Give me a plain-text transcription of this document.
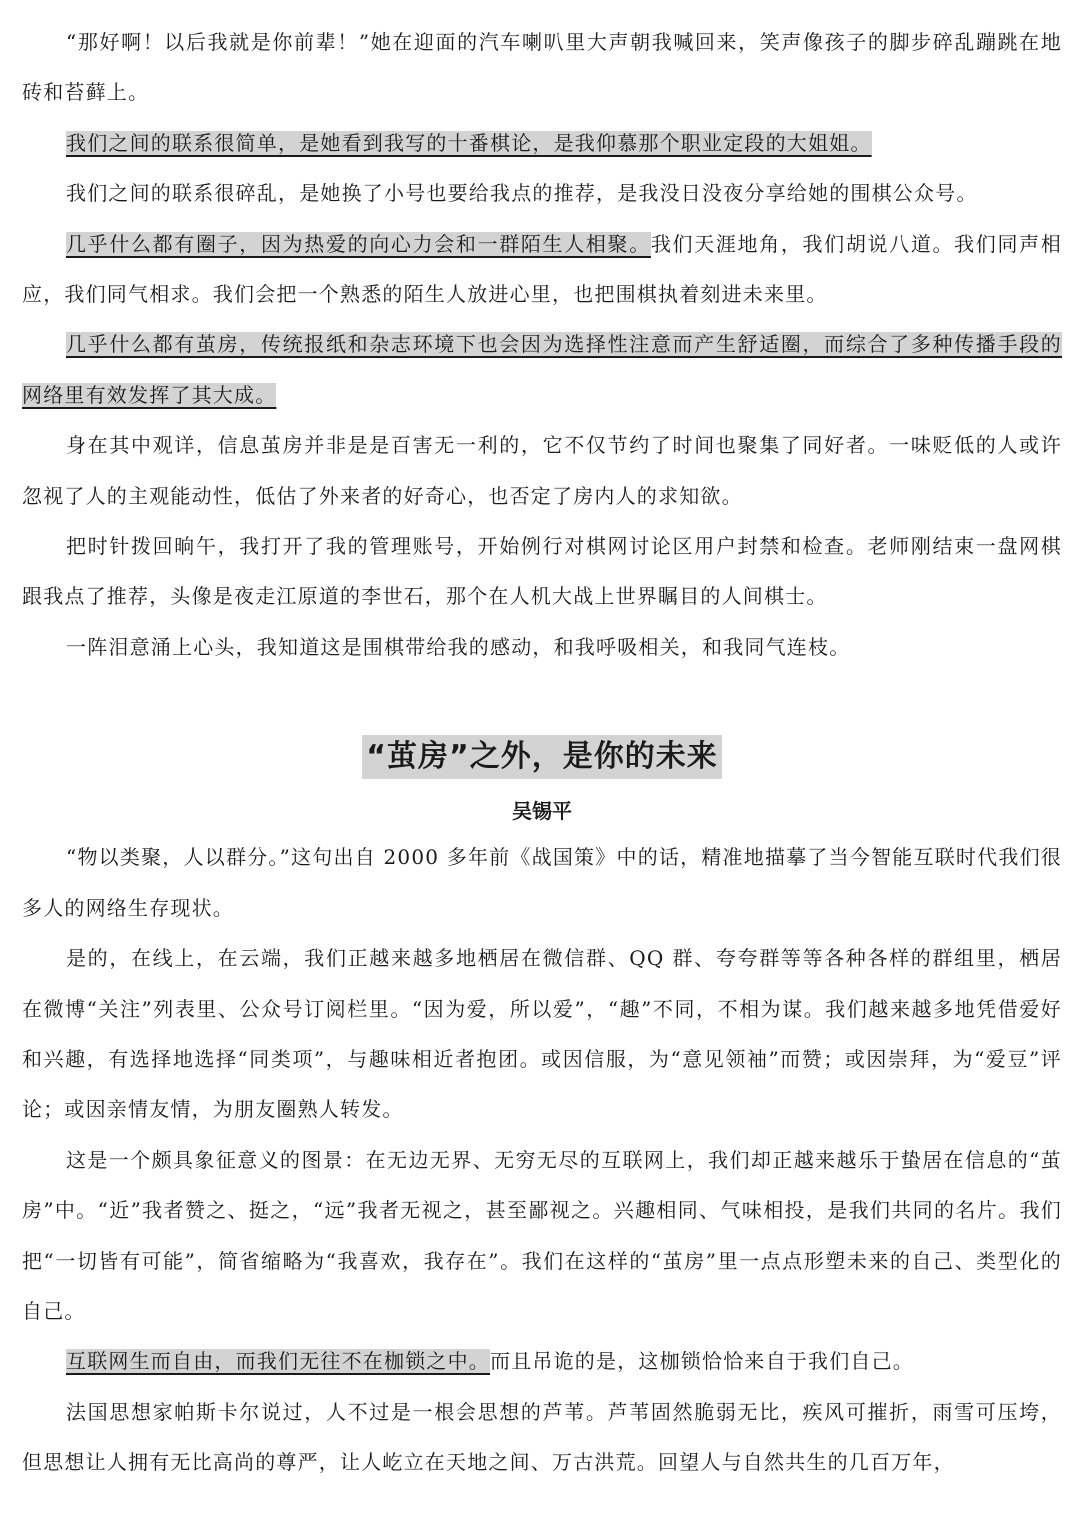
“那好啊！以后我就是你前辈！”她在迎面的汽车喇叭里大声朝我喊回来，笑声像孩子的脚步碎乱蹦跳在地砖和苔藓上。

我们之间的联系很简单，是她看到我写的十番棋论，是我仰慕那个职业定段的大姐姐。

我们之间的联系很碎乱，是她换了小号也要给我点的推荐，是我没日没夜分享给她的围棋公众号。

几乎什么都有圈子，因为热爱的向心力会和一群陌生人相聚。我们天涯地角，我们胡说八道。我们同声相应，我们同气相求。我们会把一个熟悉的陌生人放进心里，也把围棋执着刻进未来里。

几乎什么都有茧房，传统报纸和杂志环境下也会因为选择性注意而产生舒适圈，而综合了多种传播手段的网络里有效发挥了其大成。

身在其中观详，信息茧房并非是是百害无一利的，它不仅节约了时间也聚集了同好者。一味贬低的人或许忽视了人的主观能动性，低估了外来者的好奇心，也否定了房内人的求知欲。

把时针拨回晌午，我打开了我的管理账号，开始例行对棋网讨论区用户封禁和检查。老师刚结束一盘网棋跟我点了推荐，头像是夜走江原道的李世石，那个在人机大战上世界瞩目的人间棋士。

一阵泪意涌上心头，我知道这是围棋带给我的感动，和我呼吸相关，和我同气连枝。

“茧房”之外，是你的未来
吴锡平

“物以类聚，人以群分。”这句出自 2000 多年前《战国策》中的话，精准地描摹了当今智能互联时代我们很多人的网络生存现状。

是的，在线上，在云端，我们正越来越多地栖居在微信群、QQ 群、夸夸群等等各种各样的群组里，栖居在微博“关注”列表里、公众号订阅栏里。“因为爱，所以爱”，“趣”不同，不相为谋。我们越来越多地凭借爱好和兴趣，有选择地选择“同类项”，与趣味相近者抱团。或因信服，为“意见领袖”而赞；或因崇拜，为“爱豆”评论；或因亲情友情，为朋友圈熟人转发。

这是一个颇具象征意义的图景：在无边无界、无穷无尽的互联网上，我们却正越来越乐于蛰居在信息的“茧房”中。“近”我者赞之、挺之，“远”我者无视之，甚至鄙视之。兴趣相同、气味相投，是我们共同的名片。我们把“一切皆有可能”，简省缩略为“我喜欢，我存在”。我们在这样的“茧房”里一点点形塑未来的自己、类型化的自己。

互联网生而自由，而我们无往不在枷锁之中。而且吊诡的是，这枷锁恰恰来自于我们自己。

法国思想家帕斯卡尔说过，人不过是一根会思想的芦苇。芦苇固然脆弱无比，疾风可摧折，雨雪可压垮，但思想让人拥有无比高尚的尊严，让人屹立在天地之间、万古洪荒。回望人与自然共生的几百万年，
